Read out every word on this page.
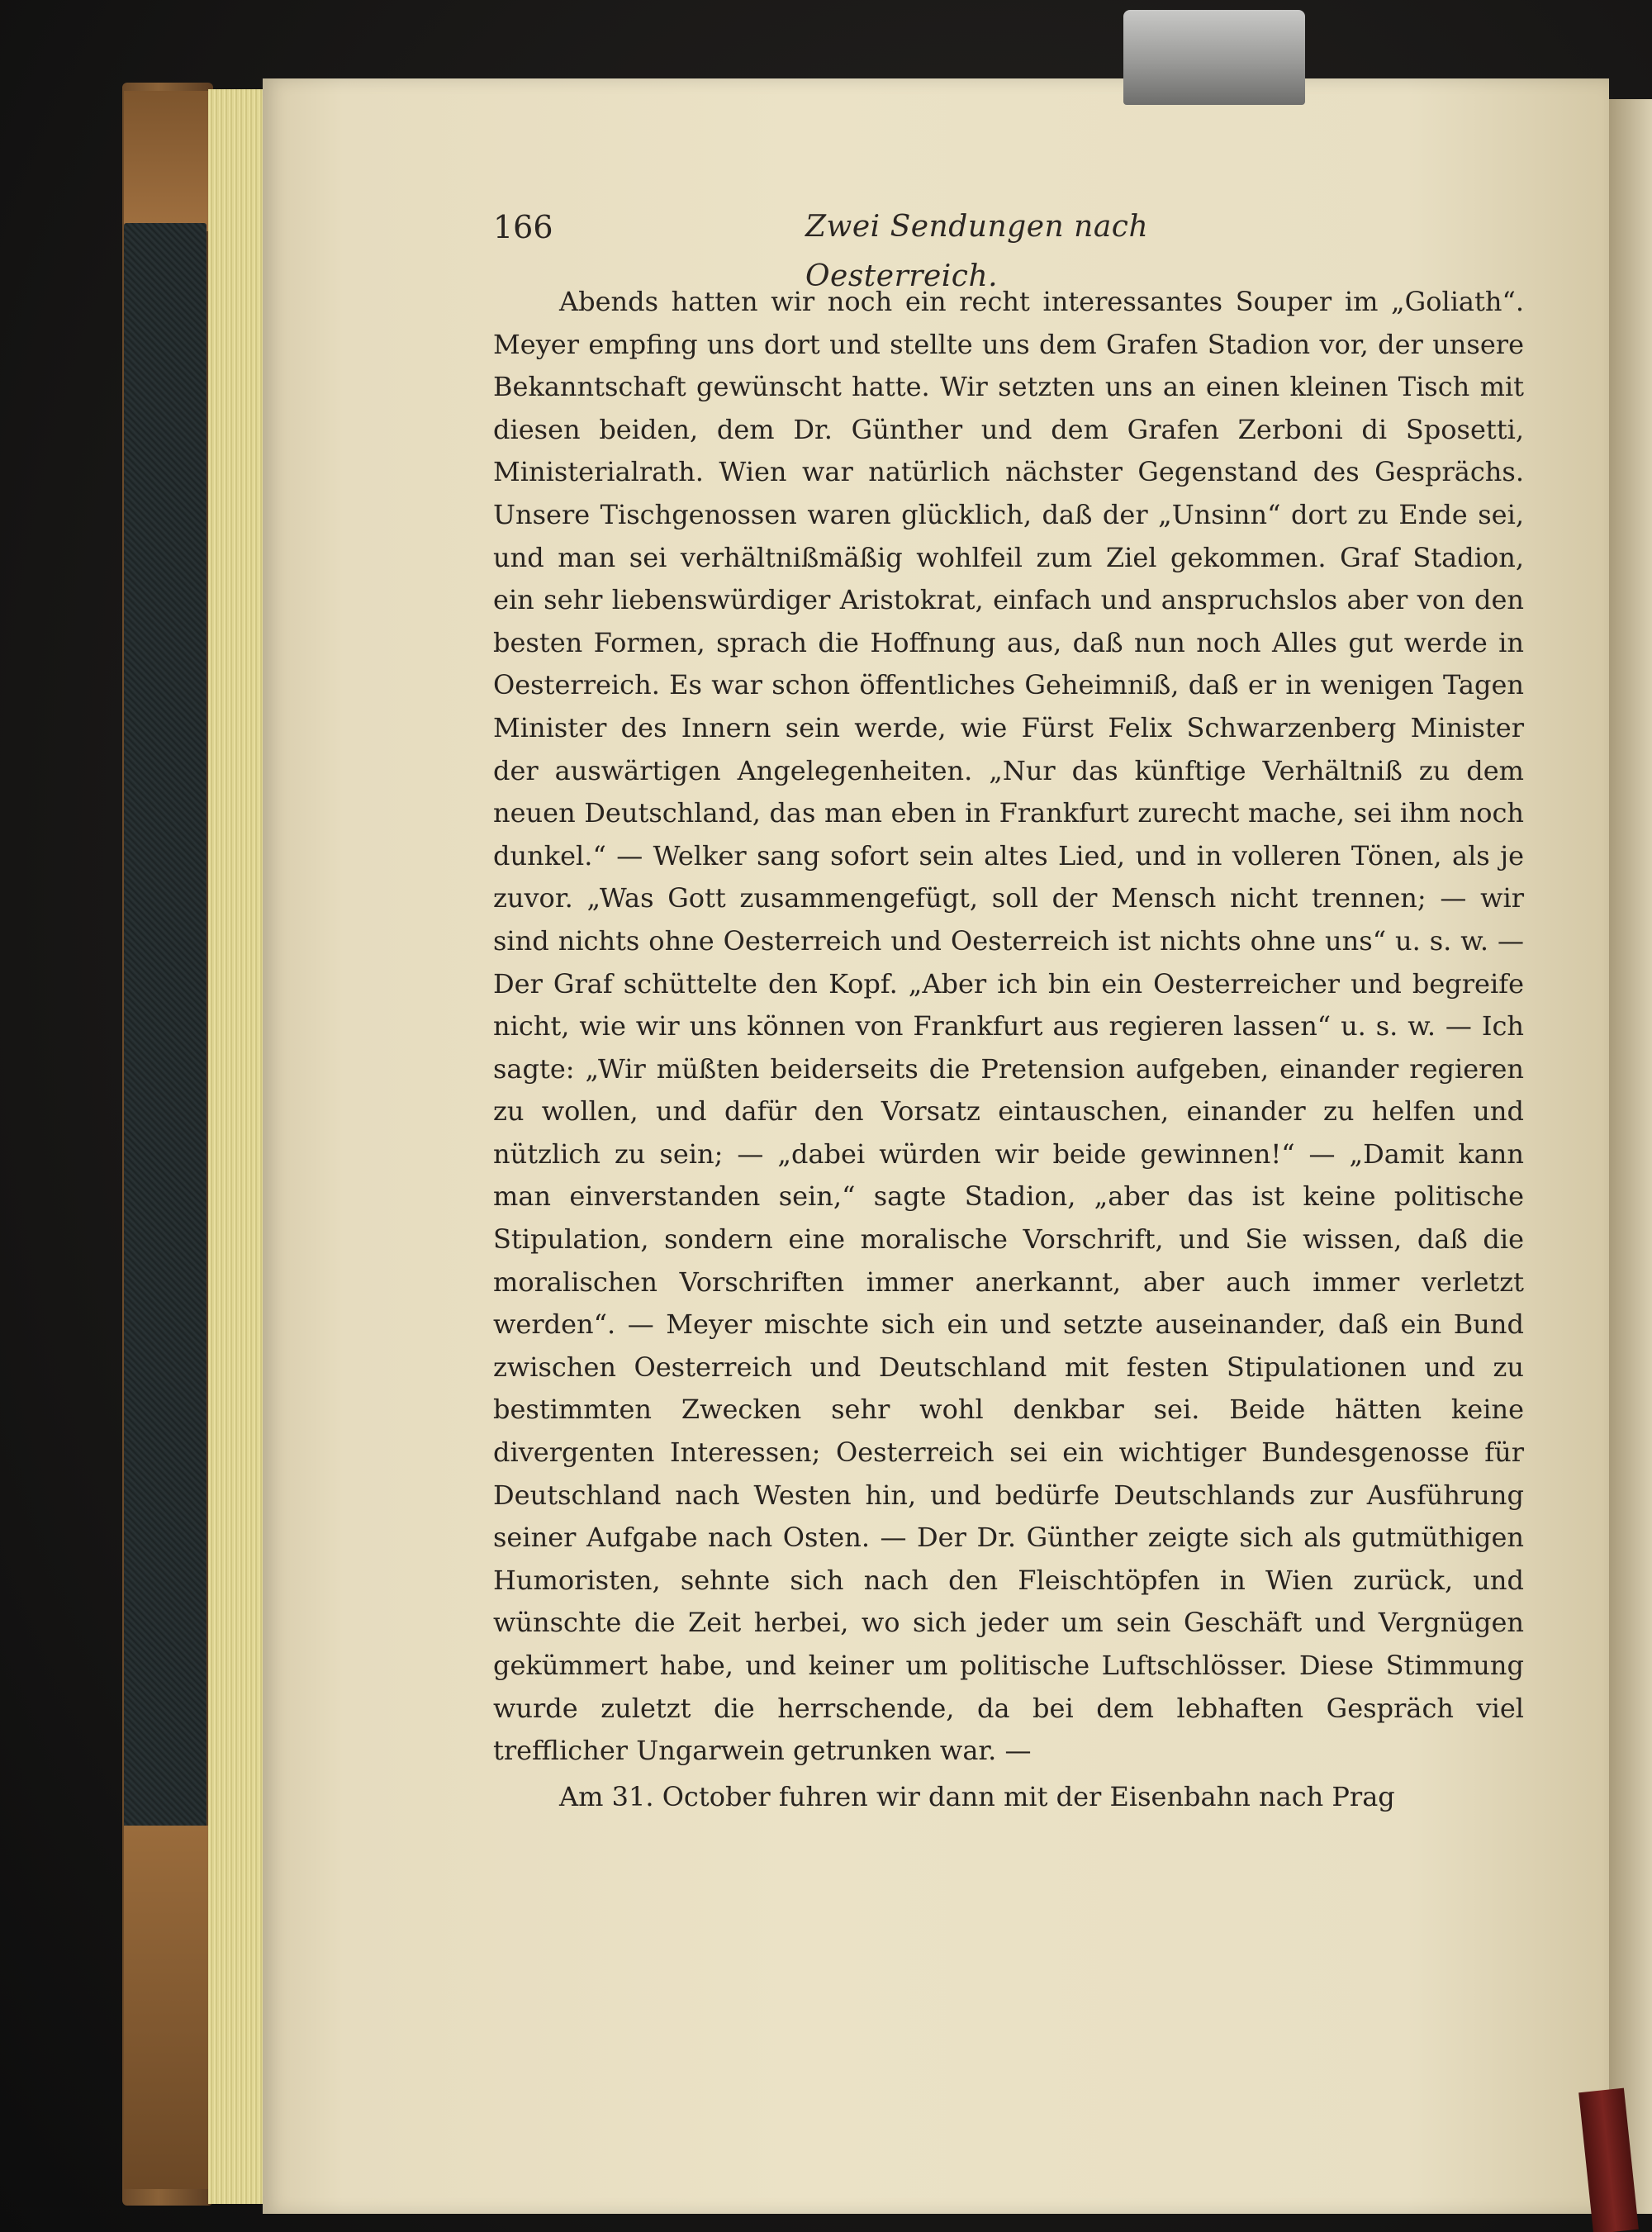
166	Zwei Sendungen nach Oesterreich.

Abends hatten wir noch ein recht interessantes Souper im „Goliath“. Meyer empfing uns dort und stellte uns dem Grafen Stadion vor, der unsere Bekanntschaft gewünscht hatte. Wir setzten uns an einen kleinen Tisch mit diesen beiden, dem Dr. Günther und dem Grafen Zerboni di Sposetti, Ministerialrath. Wien war natürlich nächster Gegenstand des Gesprächs. Unsere Tischgenossen waren glücklich, daß der „Unsinn“ dort zu Ende sei, und man sei verhältnißmäßig wohlfeil zum Ziel gekommen. Graf Stadion, ein sehr liebenswürdiger Aristokrat, einfach und anspruchslos aber von den besten Formen, sprach die Hoffnung aus, daß nun noch Alles gut werde in Oesterreich. Es war schon öffentliches Geheimniß, daß er in wenigen Tagen Minister des Innern sein werde, wie Fürst Felix Schwarzenberg Minister der auswärtigen Angelegenheiten. „Nur das künftige Verhältniß zu dem neuen Deutschland, das man eben in Frankfurt zurecht mache, sei ihm noch dunkel.“ — Welker sang sofort sein altes Lied, und in volleren Tönen, als je zuvor. „Was Gott zusammengefügt, soll der Mensch nicht trennen; — wir sind nichts ohne Oesterreich und Oesterreich ist nichts ohne uns“ u. s. w. — Der Graf schüttelte den Kopf. „Aber ich bin ein Oesterreicher und begreife nicht, wie wir uns können von Frankfurt aus regieren lassen“ u. s. w. — Ich sagte: „Wir müßten beiderseits die Pretension aufgeben, einander regieren zu wollen, und dafür den Vorsatz eintauschen, einander zu helfen und nützlich zu sein; — „dabei würden wir beide gewinnen!“ — „Damit kann man einverstanden sein,“ sagte Stadion, „aber das ist keine politische Stipulation, sondern eine moralische Vorschrift, und Sie wissen, daß die moralischen Vorschriften immer anerkannt, aber auch immer verletzt werden“. — Meyer mischte sich ein und setzte auseinander, daß ein Bund zwischen Oesterreich und Deutschland mit festen Stipulationen und zu bestimmten Zwecken sehr wohl denkbar sei. Beide hätten keine divergenten Interessen; Oesterreich sei ein wichtiger Bundesgenosse für Deutschland nach Westen hin, und bedürfe Deutschlands zur Ausführung seiner Aufgabe nach Osten. — Der Dr. Günther zeigte sich als gutmüthigen Humoristen, sehnte sich nach den Fleischtöpfen in Wien zurück, und wünschte die Zeit herbei, wo sich jeder um sein Geschäft und Vergnügen gekümmert habe, und keiner um politische Luftschlösser. Diese Stimmung wurde zuletzt die herrschende, da bei dem lebhaften Gespräch viel trefflicher Ungarwein getrunken war. —

Am 31. October fuhren wir dann mit der Eisenbahn nach Prag
